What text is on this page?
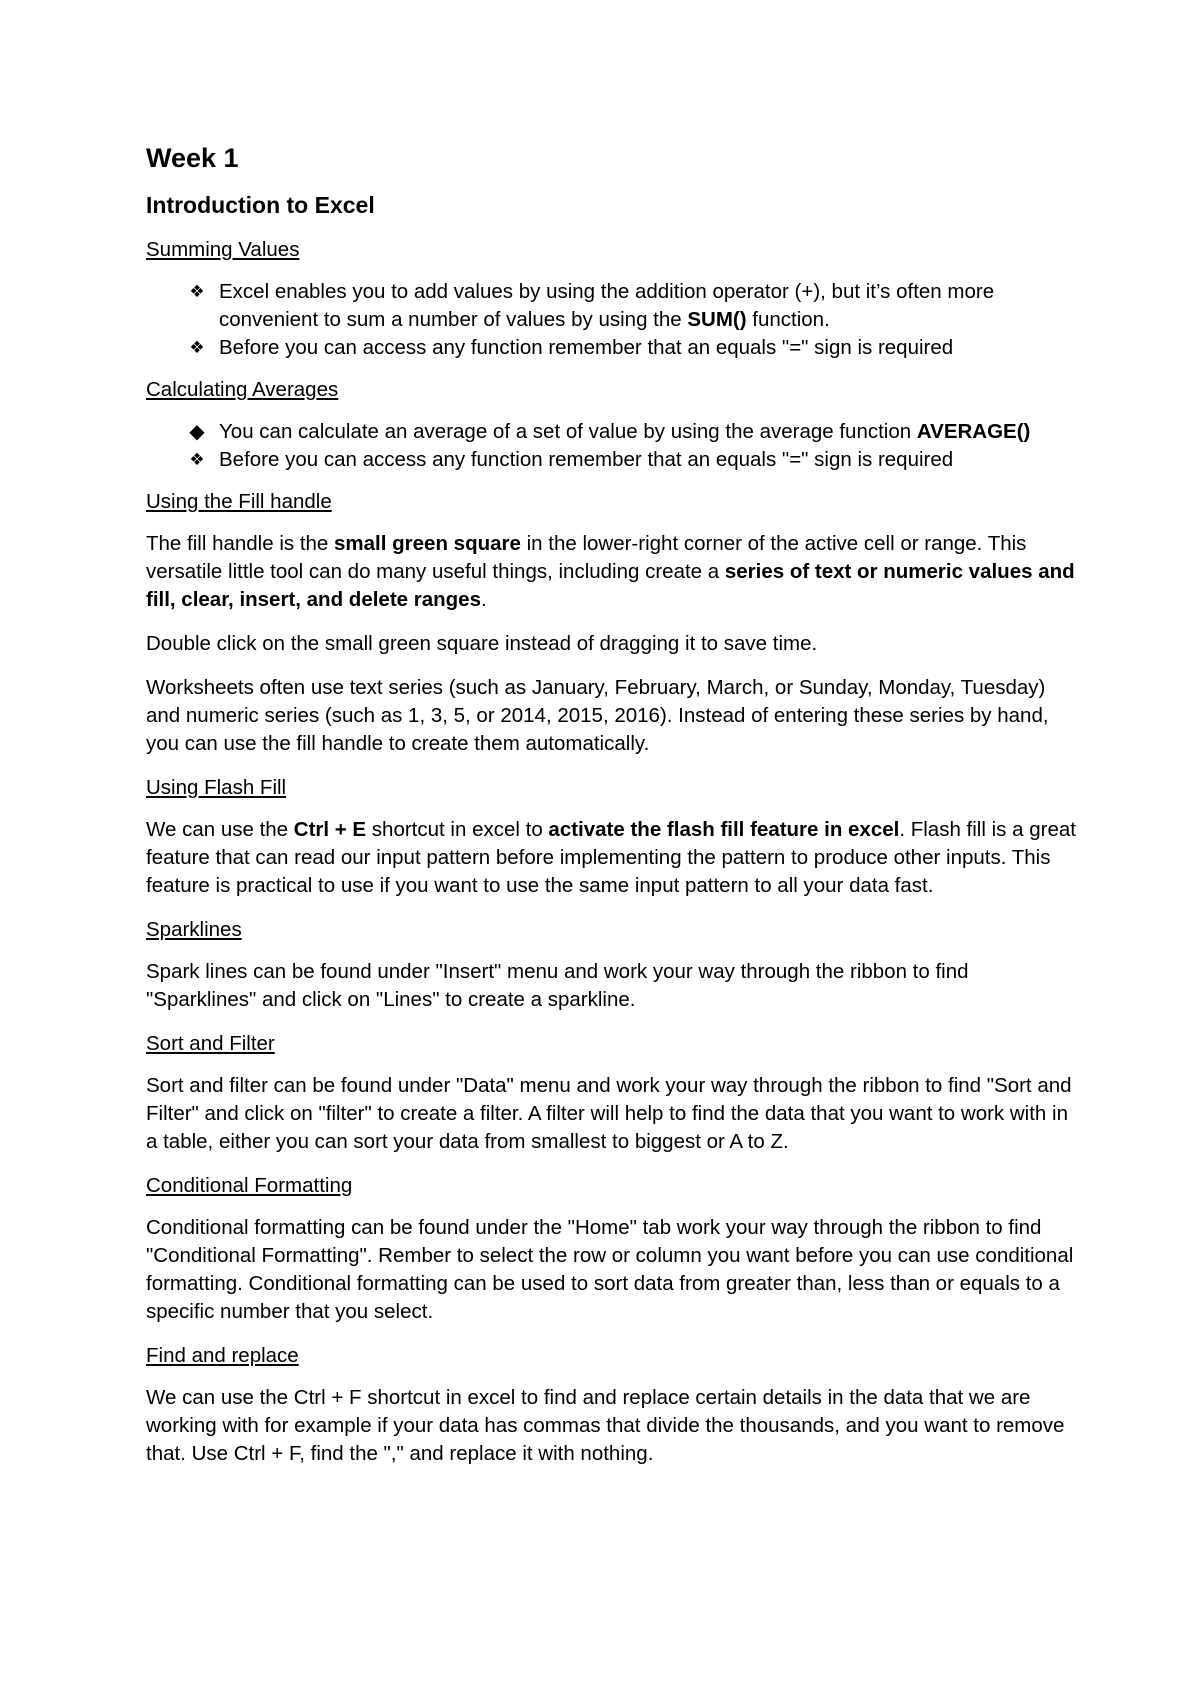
Week 1
Introduction to Excel
Summing Values
❖ Excel enables you to add values by using the addition operator (+), but it’s often more convenient to sum a number of values by using the SUM() function.
❖ Before you can access any function remember that an equals "=" sign is required
Calculating Averages
◆ You can calculate an average of a set of value by using the average function AVERAGE()
❖ Before you can access any function remember that an equals "=" sign is required
Using the Fill handle

The fill handle is the small green square in the lower-right corner of the active cell or range. This versatile little tool can do many useful things, including create a series of text or numeric values and fill, clear, insert, and delete ranges.

Double click on the small green square instead of dragging it to save time.

Worksheets often use text series (such as January, February, March, or Sunday, Monday, Tuesday) and numeric series (such as 1, 3, 5, or 2014, 2015, 2016). Instead of entering these series by hand, you can use the fill handle to create them automatically.

Using Flash Fill

We can use the Ctrl + E shortcut in excel to activate the flash fill feature in excel. Flash fill is a great feature that can read our input pattern before implementing the pattern to produce other inputs. This feature is practical to use if you want to use the same input pattern to all your data fast.

Sparklines

Spark lines can be found under "Insert" menu and work your way through the ribbon to find "Sparklines" and click on "Lines" to create a sparkline.

Sort and Filter

Sort and filter can be found under "Data" menu and work your way through the ribbon to find "Sort and Filter" and click on "filter" to create a filter. A filter will help to find the data that you want to work with in a table, either you can sort your data from smallest to biggest or A to Z.

Conditional Formatting

Conditional formatting can be found under the "Home" tab work your way through the ribbon to find "Conditional Formatting". Rember to select the row or column you want before you can use conditional formatting. Conditional formatting can be used to sort data from greater than, less than or equals to a specific number that you select.

Find and replace

We can use the Ctrl + F shortcut in excel to find and replace certain details in the data that we are working with for example if your data has commas that divide the thousands, and you want to remove that. Use Ctrl + F, find the "," and replace it with nothing.
